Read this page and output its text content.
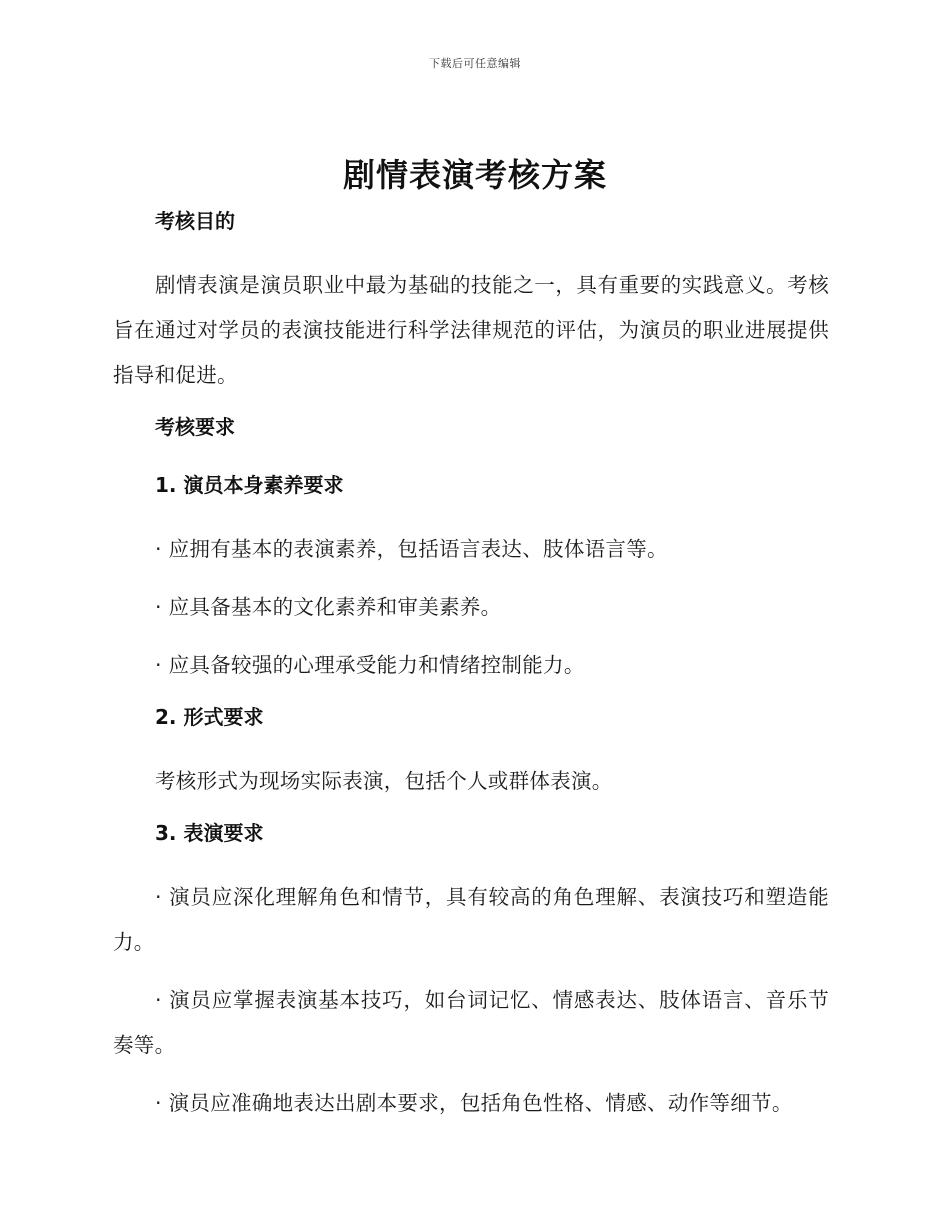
下载后可任意编辑
剧情表演考核方案
考核目的

剧情表演是演员职业中最为基础的技能之一，具有重要的实践意义。考核旨在通过对学员的表演技能进行科学法律规范的评估，为演员的职业进展提供指导和促进。

考核要求
1. 演员本身素养要求

· 应拥有基本的表演素养，包括语言表达、肢体语言等。

· 应具备基本的文化素养和审美素养。

· 应具备较强的心理承受能力和情绪控制能力。

2. 形式要求

考核形式为现场实际表演，包括个人或群体表演。

3. 表演要求

· 演员应深化理解角色和情节，具有较高的角色理解、表演技巧和塑造能力。

· 演员应掌握表演基本技巧，如台词记忆、情感表达、肢体语言、音乐节奏等。

· 演员应准确地表达出剧本要求，包括角色性格、情感、动作等细节。
